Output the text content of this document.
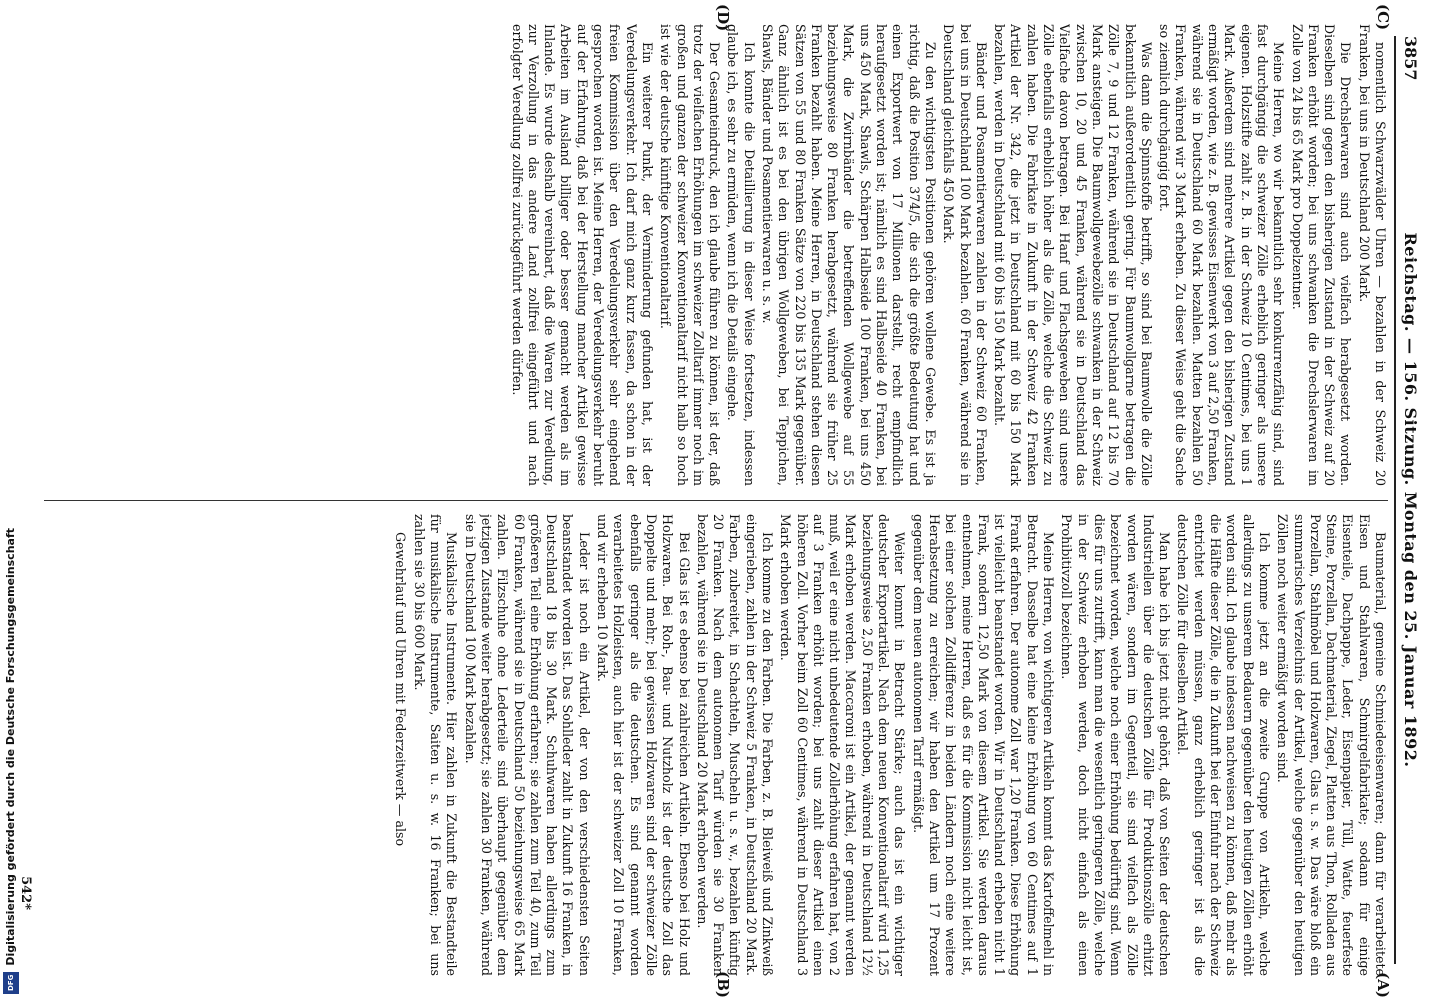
Digitalisierung gefördert durch die Deutsche Forschungsgemeinschaft
DFG
3857
Reichstag. — 156. Sitzung. Montag den 25. Januar 1892.
(C)
(D)
(A)
(B)

nomentlich Schwarzwälder Uhren — bezahlen in der Schweiz 20 Franken, bei uns in Deutschland 200 Mark.

Die Drechslerwaren sind auch vielfach herabgesetzt worden. Dieselben sind gegen den bisherigen Zustand in der Schweiz auf 20 Franken erhöht worden; bei uns schwanken die Drechslerwaren im Zolle von 24 bis 65 Mark pro Doppelzentner.

Meine Herren, wo wir bekanntlich sehr konkurrenzfähig sind, sind fast durchgängig die schweizer Zölle erheblich geringer als unsere eigenen. Holzstifte zahlt z. B. in der Schweiz 10 Centimes, bei uns 1 Mark. Außerdem sind mehrere Artikel gegen den bisherigen Zustand ermäßigt worden, wie z. B. gewisses Eisenwerk von 3 auf 2,50 Franken, während sie in Deutschland 60 Mark bezahlen. Matten bezahlen 50 Franken, während wir 3 Mark erheben. Zu dieser Weise geht die Sache so ziemlich durchgängig fort.

Was dann die Spinnstoffe betrifft, so sind bei Baumwolle die Zölle bekanntlich außerordentlich gering. Für Baumwollgarne betragen die Zölle 7, 9 und 12 Franken, während sie in Deutschland auf 12 bis 70 Mark ansteigen. Die Baumwollgewebezölle schwanken in der Schweiz zwischen 10, 20 und 45 Franken, während sie in Deutschland das Vielfache davon betragen. Bei Hanf und Flachsgeweben sind unsere Zölle ebenfalls erheblich höher als die Zölle, welche die Schweiz zu zahlen haben. Die Fabrikate in Zukunft in der Schweiz 42 Franken Artikel der Nr. 342, die jetzt in Deutschland mit 60 bis 150 Mark bezahlen, werden in Deutschland mit 60 bis 150 Mark bezahlt.

Bänder und Posamentierwaren zahlen in der Schweiz 60 Franken, bei uns in Deutschland 100 Mark bezahlen. 60 Franken, während sie in Deutschland gleichfalls 450 Mark.

Zu den wichtigsten Positionen gehören wollene Gewebe. Es ist ja richtig, daß die Position 374/5, die sich die größte Bedeutung hat und einen Exportwert von 17 Millionen darstellt, recht empfindlich heraufgesetzt worden ist; nämlich es sind Halbseide 40 Franken, bei uns 450 Mark, Shawls, Schärpen Halbseide 100 Franken, bei uns 450 Mark, die Zwirnbänder die betreffenden Wollgewebe auf 55 beziehungsweise 80 Franken herabgesetzt, während sie früher 25 Franken bezahlt haben. Meine Herren, in Deutschland stehen diesen Sätzen von 55 und 80 Franken Sätze von 220 bis 135 Mark gegenüber. Ganz ähnlich ist es bei den übrigen Wollgeweben, bei Teppichen, Shawls, Bänder und Posamentierwaren u. s. w.

Ich konnte die Detaillierung in dieser Weise fortsetzen, indessen glaube ich, es sehr zu ermüden, wenn ich die Details eingehe.

Der Gesamteindruck, den ich glaube führen zu können, ist der, daß trotz der vielfachen Erhöhungen im schweizer Zolltarif immer noch im großen und ganzen der schweizer Konventionaltarif nicht halb so hoch ist wie der deutsche künftige Konventionaltarif.

Ein weiterer Punkt, der Verminderung gefunden hat, ist der Veredelungsverkehr. Ich darf mich ganz kurz fassen, da schon in der freien Kommission über den Veredelungsverkehr sehr eingehend gesprochen worden ist. Meine Herren, der Veredelungsverkehr beruht auf der Erfahrung, daß bei der Herstellung mancher Artikel gewisse Arbeiten im Ausland billiger oder besser gemacht werden als im Inlande. Es wurde deshalb vereinbart, daß die Waren zur Veredlung, zur Verzollung in das andere Land zollfrei eingeführt und nach erfolgter Veredlung zollfrei zurückgeführt werden dürfen.

Baumaterial, gemeine Schmiedeeisenwaren; dann für verarbeitete Eisen und Stahlwaren, Schmirgelfabrikate; sodann für einige Eisenteile, Dachpappe, Leder, Eisenpapier, Tüll, Watte, feuerfeste Steine, Porzellan, Dachmaterial, Ziegel, Platten aus Thon, Rolladen aus Porzellan, Stahlmöbel und Holzwaren, Glas u. s. w. Das wäre bloß ein summarisches Verzeichnis der Artikel, welche gegenüber den heutigen Zöllen noch weiter ermäßigt worden sind.

Ich komme jetzt an die zweite Gruppe von Artikeln, welche allerdings zu unserem Bedauern gegenüber den heutigen Zöllen erhöht worden sind. Ich glaube indessen nachweisen zu können, daß mehr als die Hälfte dieser Zölle, die in Zukunft bei der Einfuhr nach der Schweiz entrichtet werden müssen, ganz erheblich geringer ist als die deutschen Zölle für dieselben Artikel.

Man habe ich bis jetzt nicht gehört, daß von Seiten der deutschen Industriellen über die deutschen Zölle für Produktionszölle erhitzt worden wären, sondern im Gegenteil, sie sind vielfach als Zölle bezeichnet worden, welche noch einer Erhöhung bedürftig sind. Wenn dies für uns zutrifft, kann man die wesentlich geringeren Zölle, welche in der Schweiz erhoben werden, doch nicht einfach als einen Prohibitivzoll bezeichnen.

Meine Herren, von wichtigeren Artikeln kommt das Kartoffelmehl in Betracht. Dasselbe hat eine kleine Erhöhung von 60 Centimes auf 1 Frank erfahren. Der autonome Zoll war 1,20 Franken. Diese Erhöhung ist vielleicht beanstandet worden. Wir in Deutschland erheben nicht 1 Frank, sondern 12,50 Mark von diesem Artikel. Sie werden daraus entnehmen, meine Herren, daß es für die Kommission nicht leicht ist, bei einer solchen Zolldifferenz in beiden Ländern noch eine weitere Herabsetzung zu erreichen; wir haben den Artikel um 17 Prozent gegenüber dem neuen autonomen Tarif ermäßigt.

Weiter kommt in Betracht Stärke; auch das ist ein wichtiger deutscher Exportartikel. Nach dem neuen Konventionaltarif wird 1,25 beziehungsweise 2,50 Franken erhoben, während in Deutschland 12½ Mark erhoben werden. Maccaroni ist ein Artikel, der genannt werden muß, weil er eine nicht unbedeutende Zollerhöhung erfahren hat, von 2 auf 3 Franken erhöht worden; bei uns zahlt dieser Artikel einen höheren Zoll. Vorher beim Zoll 60 Centimes, während in Deutschland 3 Mark erhoben werden.

Ich komme zu den Farben. Die Farben, z. B. Bleiweiß und Zinkweiß eingerieben, zahlen in der Schweiz 5 Franken, in Deutschland 20 Mark. Farben, zubereitet, in Schachteln, Muscheln u. s. w., bezahlen künftig 20 Franken. Nach dem autonomen Tarif würden sie 30 Franken bezahlen, während sie in Deutschland 20 Mark erhoben werden.

Bei Glas ist es ebenso bei zahlreichen Artikeln. Ebenso bei Holz und Holzwaren. Bei Roh-, Bau- und Nutzholz ist der deutsche Zoll das Doppelte und mehr; bei gewissen Holzwaren sind der schweizer Zölle ebenfalls geringer als die deutschen. Es sind genannt worden verarbeitetes Holzleisten, auch hier ist der schweizer Zoll 10 Franken, und wir erheben 10 Mark.

Leder ist noch ein Artikel, der von den verschiedensten Seiten beanstandet worden ist. Das Sohlleder zahlt in Zukunft 16 Franken, in Deutschland 18 bis 30 Mark. Schuhwaren haben allerdings zum größeren Teil eine Erhöhung erfahren; sie zahlen zum Teil 40, zum Teil 60 Franken, während sie in Deutschland 50 beziehungsweise 65 Mark zahlen. Filzschuhe ohne Lederteile sind überhaupt gegenüber dem jetzigen Zustande weiter herabgesetzt; sie zahlen 30 Franken, während sie in Deutschland 100 Mark bezahlen.

Musikalische Instrumente. Hier zahlen in Zukunft die Bestandteile für musikalische Instrumente, Saiten u. s. w. 16 Franken; bei uns zahlen sie 30 bis 600 Mark.

Gewehrlauf und Uhren mit Federzeitwerk — also

542*
